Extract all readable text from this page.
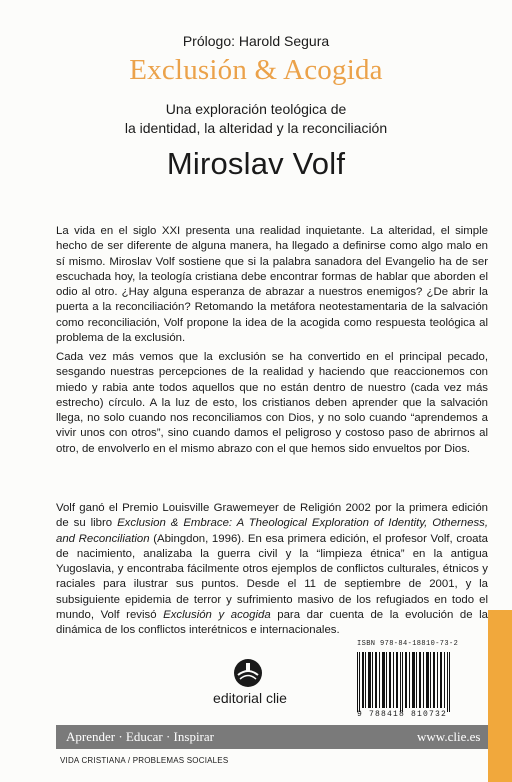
Prólogo: Harold Segura
Exclusión & Acogida
Una exploración teológica de
la identidad, la alteridad y la reconciliación
Miroslav Volf

La vida en el siglo XXI presenta una realidad inquietante. La alteridad, el simple hecho de ser diferente de alguna manera, ha llegado a definirse como algo malo en sí mismo. Miroslav Volf sostiene que si la palabra sanadora del Evangelio ha de ser escuchada hoy, la teología cristiana debe encontrar formas de hablar que aborden el odio al otro. ¿Hay alguna esperanza de abrazar a nuestros enemigos? ¿De abrir la puerta a la reconciliación? Retomando la metáfora neotestamentaria de la salvación como reconciliación, Volf propone la idea de la acogida como respuesta teológica al problema de la exclusión.

Cada vez más vemos que la exclusión se ha convertido en el principal pecado, sesgando nuestras percepciones de la realidad y haciendo que reaccionemos con miedo y rabia ante todos aquellos que no están dentro de nuestro (cada vez más estrecho) círculo. A la luz de esto, los cristianos deben aprender que la salvación llega, no solo cuando nos reconciliamos con Dios, y no solo cuando “aprendemos a vivir unos con otros”, sino cuando damos el peligroso y costoso paso de abrirnos al otro, de envolverlo en el mismo abrazo con el que hemos sido envueltos por Dios.

Volf ganó el Premio Louisville Grawemeyer de Religión 2002 por la primera edición de su libro Exclusion & Embrace: A Theological Exploration of Identity, Otherness, and Reconciliation (Abingdon, 1996). En esa primera edición, el profesor Volf, croata de nacimiento, analizaba la guerra civil y la “limpieza étnica” en la antigua Yugoslavia, y encontraba fácilmente otros ejemplos de conflictos culturales, étnicos y raciales para ilustrar sus puntos. Desde el 11 de septiembre de 2001, y la subsiguiente epidemia de terror y sufrimiento masivo de los refugiados en todo el mundo, Volf revisó Exclusión y acogida para dar cuenta de la evolución de la dinámica de los conflictos interétnicos e internacionales.

ISBN 978-84-18810-73-2
9 788418 810732
editorial clie
Aprender · Educar · Inspirar	www.clie.es
VIDA CRISTIANA / PROBLEMAS SOCIALES
